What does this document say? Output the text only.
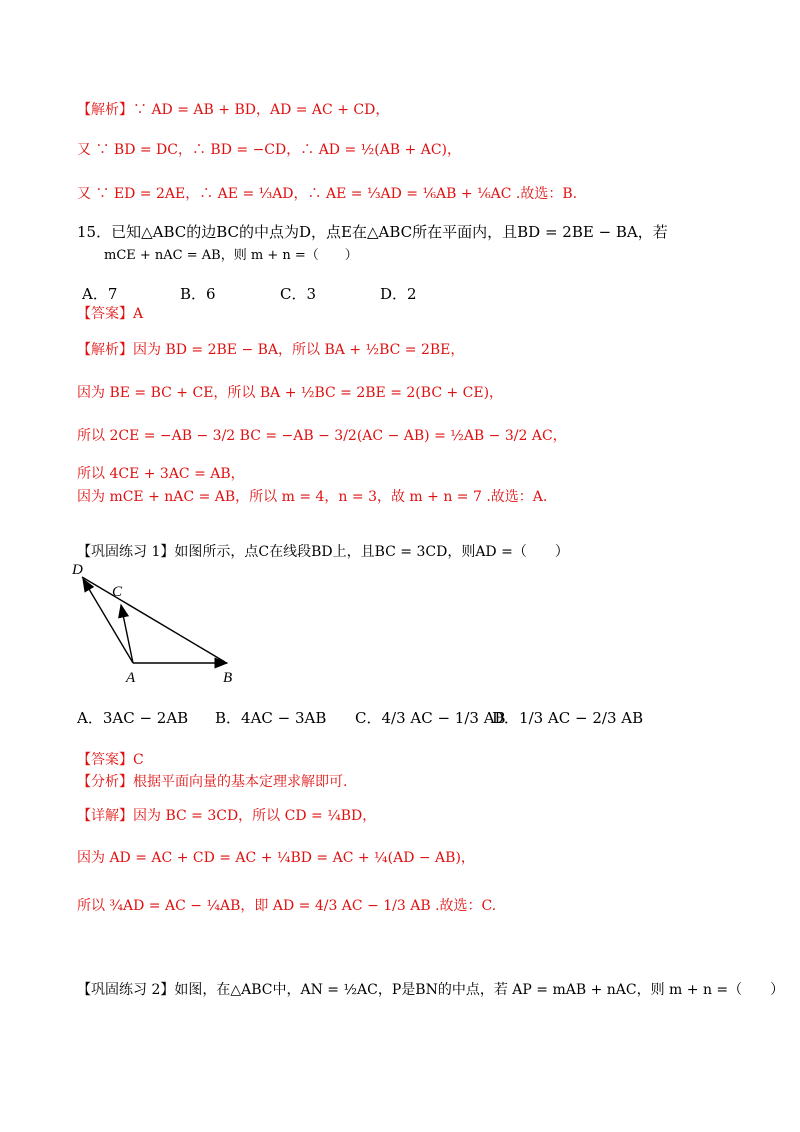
【解析】∵ AD = AB + BD，AD = AC + CD，
又 ∵ BD = DC，∴ BD = −CD，∴ AD = ½(AB + AC)，
又 ∵ ED = 2AE，∴ AE = ⅓AD，∴ AE = ⅓AD = ⅙AB + ⅙AC .故选：B.
15．已知△ABC的边BC的中点为D，点E在△ABC所在平面内，且BD = 2BE − BA，若
mCE + nAC = AB，则 m + n =（　　）
A．7	B．6	C．3	D．2
【答案】A
【解析】因为 BD = 2BE − BA，所以 BA + ½BC = 2BE，
因为 BE = BC + CE，所以 BA + ½BC = 2BE = 2(BC + CE)，
所以 2CE = −AB − 3/2 BC = −AB − 3/2(AC − AB) = ½AB − 3/2 AC，
所以 4CE + 3AC = AB，
因为 mCE + nAC = AB，所以 m = 4，n = 3，故 m + n = 7 .故选：A.
【巩固练习 1】如图所示，点C在线段BD上，且BC = 3CD，则AD =（　　）
D
C
A	B
A．3AC − 2AB B．4AC − 3AB C．4/3 AC − 1/3 AB
D．1/3 AC − 2/3 AB
【答案】C
【分析】根据平面向量的基本定理求解即可.
【详解】因为 BC = 3CD，所以 CD = ¼BD，
因为 AD = AC + CD = AC + ¼BD = AC + ¼(AD − AB)，
所以 ¾AD = AC − ¼AB，即 AD = 4/3 AC − 1/3 AB .故选：C.
【巩固练习 2】如图，在△ABC中，AN = ½AC，P是BN的中点，若 AP = mAB + nAC，则 m + n =（　　）
